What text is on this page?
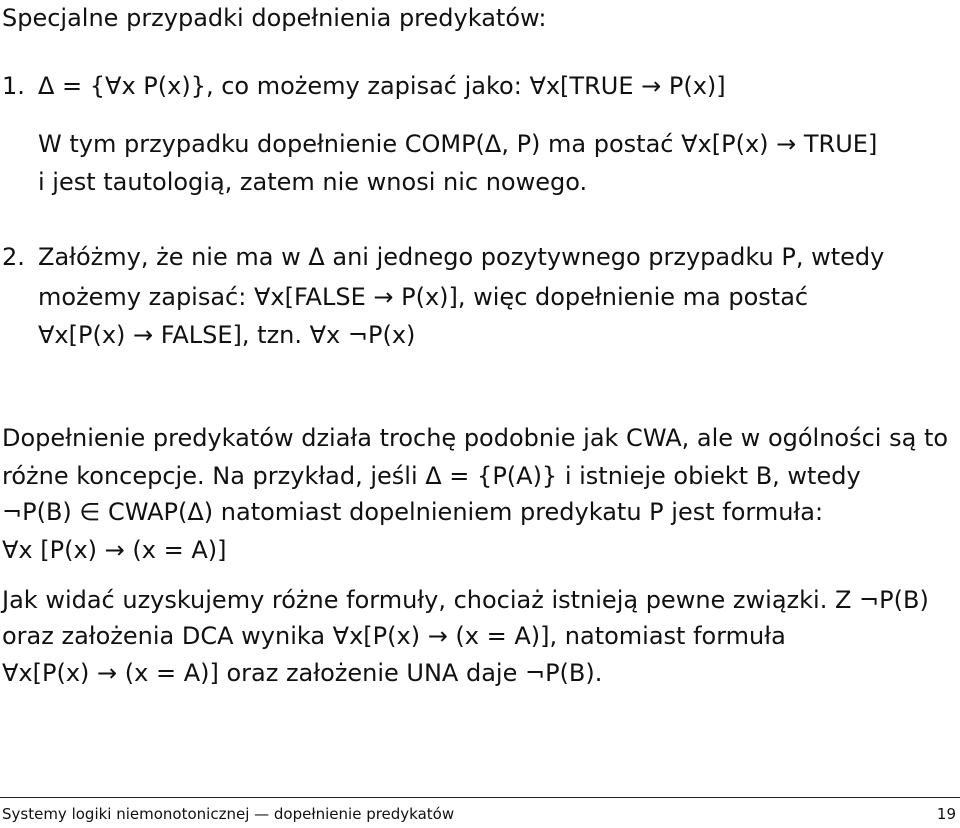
Specjalne przypadki dopełnienia predykatów:

1. Δ = {∀x P(x)}, co możemy zapisać jako: ∀x[TRUE → P(x)]

W tym przypadku dopełnienie COMP(Δ, P) ma postać ∀x[P(x) → TRUE]

i jest tautologią, zatem nie wnosi nic nowego.

2. Załóżmy, że nie ma w Δ ani jednego pozytywnego przypadku P, wtedy

możemy zapisać: ∀x[FALSE → P(x)], więc dopełnienie ma postać

∀x[P(x) → FALSE], tzn. ∀x ¬P(x)

Dopełnienie predykatów działa trochę podobnie jak CWA, ale w ogólności są to

różne koncepcje. Na przykład, jeśli Δ = {P(A)} i istnieje obiekt B, wtedy

¬P(B) ∈ CWAP(Δ) natomiast dopelnieniem predykatu P jest formuła:

∀x [P(x) → (x = A)]

Jak widać uzyskujemy różne formuły, chociaż istnieją pewne związki. Z ¬P(B)

oraz założenia DCA wynika ∀x[P(x) → (x = A)], natomiast formuła

∀x[P(x) → (x = A)] oraz założenie UNA daje ¬P(B).

Systemy logiki niemonotonicznej — dopełnienie predykatów	19
